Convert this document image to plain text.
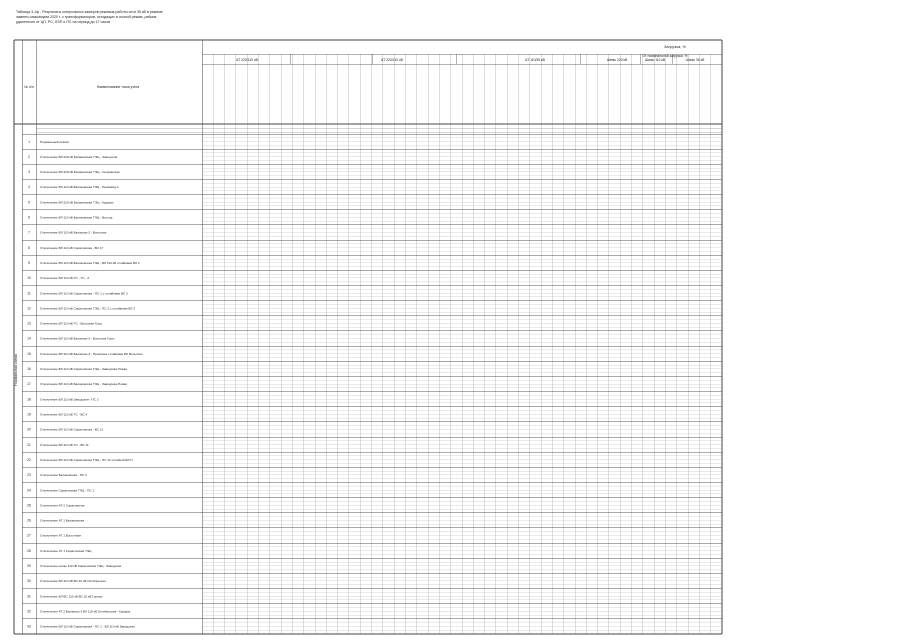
Таблица 3.1ф - Результаты контрольных замеров режимов работы сети 35 кВ в режиме
зимнего максимума 2020 г. с трансформаторов, отходящих в ночной режим, района
удаленного от ЦП, РС, ЛЭП и ПС на период до 17 часов
Загрузка, %
От номинальной загрузки, %
№ п/п	Наименование точки учета
АТ 220/110 кВ	АТ 220/110 кВ	АТ 110/35 кВ	Шины 220 кВ	Шины 110 кВ	Шины 35 кВ
Нормальная схема
1	Нормальный режим
2	Отключение ВЛ 220 кВ Балаковская ТЭЦ - Заводской
3	Отключение ВЛ 220 кВ Балаковская ТЭЦ - Сызранская
4	Отключение ВЛ 110 кВ Балаковская ТЭЦ - Ремзавод-1
5	Отключение ВЛ 220 кВ Балаковская ТЭЦ - Курдюм
6	Отключение ВЛ 110 кВ Балаковская ТЭЦ - Восход
7	Отключение ВЛ 110 кВ Балаково-2 - Вольская
8	Отключение ВЛ 110 кВ Саратовская - ВС 1Г
9	Отключение ВЛ 110 кВ Балаковская ТЭЦ - ВЛ 110 кВ отпайками ВЛ 2
10	Отключение ВЛ 110 кВ ТС - ТС - 2
11	Отключение ВЛ 110 кВ Саратовская - ПС 1 с отпайками ВЛ 2
12	Отключение ВЛ 110 кВ Саратовская ТЭЦ - ПС 2 с отпайками ВЛ 2
13	Отключение ВЛ 110 кВ ТС - Вольская Горы
14	Отключение ВЛ 110 кВ Балаково-3 - Вольская Горы
15	Отключение ВЛ 110 кВ Балаково-3 - Промзона отпайками ВЛ Вольская
16	Отключение ВЛ 110 кВ Саратовская ТЭЦ - Заводская-Новая
17	Отключение ВЛ 110 кВ Балаковская ТЭЦ - Заводская-Новая
18	Отключение ВЛ 110 кВ Заводская - ПС 3
19	Отключение ВЛ 110 кВ ТС - ВС 4
20	Отключение ВЛ 110 кВ Саратовская - ВС 11
21	Отключение ВЛ 110 кВ ТС - ВС 11
22	Отключение ВЛ 110 кВ Саратовская ТЭЦ - ПС 11 отпайкой ВЛ П
23	Отключение Балаковская - ПС 3
24	Отключение Саратовская ТЭЦ - ПС 1
25	Отключение АТ-2 Саратовская
26	Отключение АТ 1 Балаковская
27	Отключение АТ 1 Восточная
28	Отключение АТ 1 Саратовская ТЭЦ
29	Отключение шины 110 кВ Саратовская ТЭЦ - Заводская
30	Отключение ВЛ 110 кВ ВС 22 кВ Октябрьская
31	Отключение ВЛ ВС 110 кВ ВС 22 кВ Горная
32	Отключение АТ 2 Балаково 3 ВЛ 110 кВ Октябрьская - Курдюм
33	Отключение ВЛ 110 кВ Саратовская - ПС 1 - ВЛ 110 кВ Заводская
